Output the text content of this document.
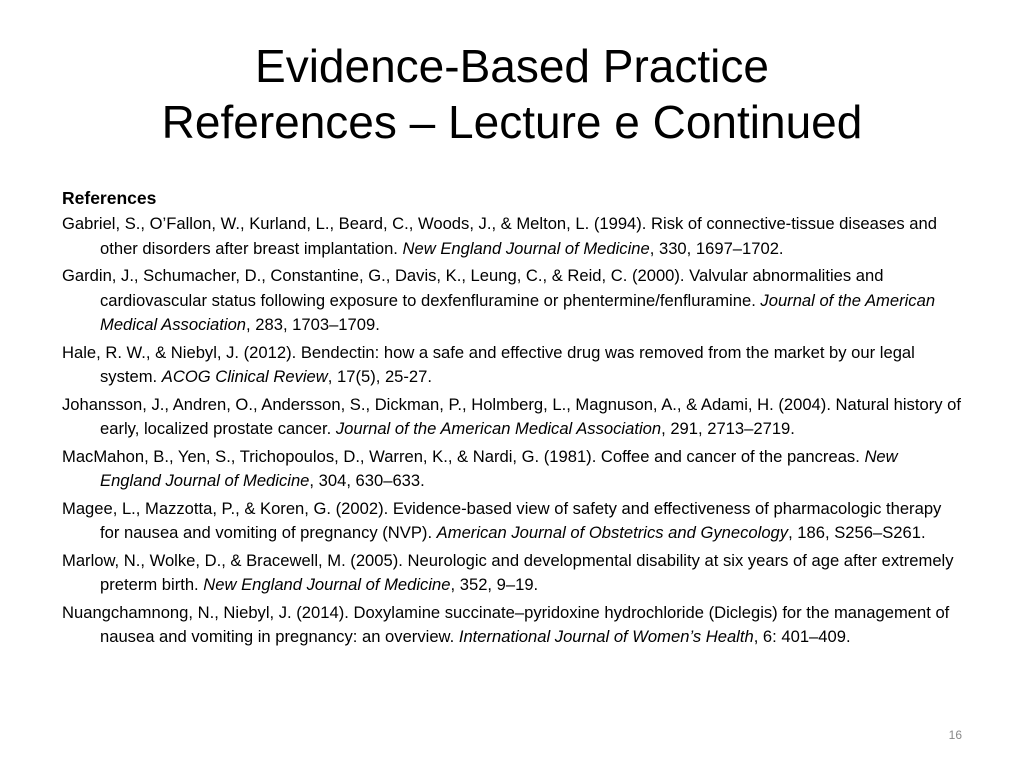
Evidence-Based Practice
References – Lecture e Continued
References
Gabriel, S., O’Fallon, W., Kurland, L., Beard, C., Woods, J., & Melton, L. (1994). Risk of connective-tissue diseases and other disorders after breast implantation. New England Journal of Medicine, 330, 1697–1702.
Gardin, J., Schumacher, D., Constantine, G., Davis, K., Leung, C., & Reid, C. (2000). Valvular abnormalities and cardiovascular status following exposure to dexfenfluramine or phentermine/fenfluramine. Journal of the American Medical Association, 283, 1703–1709.
Hale, R. W., & Niebyl, J. (2012). Bendectin: how a safe and effective drug was removed from the market by our legal system. ACOG Clinical Review, 17(5), 25-27.
Johansson, J., Andren, O., Andersson, S., Dickman, P., Holmberg, L., Magnuson, A., & Adami, H. (2004). Natural history of early, localized prostate cancer. Journal of the American Medical Association, 291, 2713–2719.
MacMahon, B., Yen, S., Trichopoulos, D., Warren, K., & Nardi, G. (1981). Coffee and cancer of the pancreas. New England Journal of Medicine, 304, 630–633.
Magee, L., Mazzotta, P., & Koren, G. (2002). Evidence-based view of safety and effectiveness of pharmacologic therapy for nausea and vomiting of pregnancy (NVP). American Journal of Obstetrics and Gynecology, 186, S256–S261.
Marlow, N., Wolke, D., & Bracewell, M. (2005). Neurologic and developmental disability at six years of age after extremely preterm birth. New England Journal of Medicine, 352, 9–19.
Nuangchamnong, N., Niebyl, J. (2014). Doxylamine succinate–pyridoxine hydrochloride (Diclegis) for the management of nausea and vomiting in pregnancy: an overview. International Journal of Women’s Health, 6: 401–409.
16
